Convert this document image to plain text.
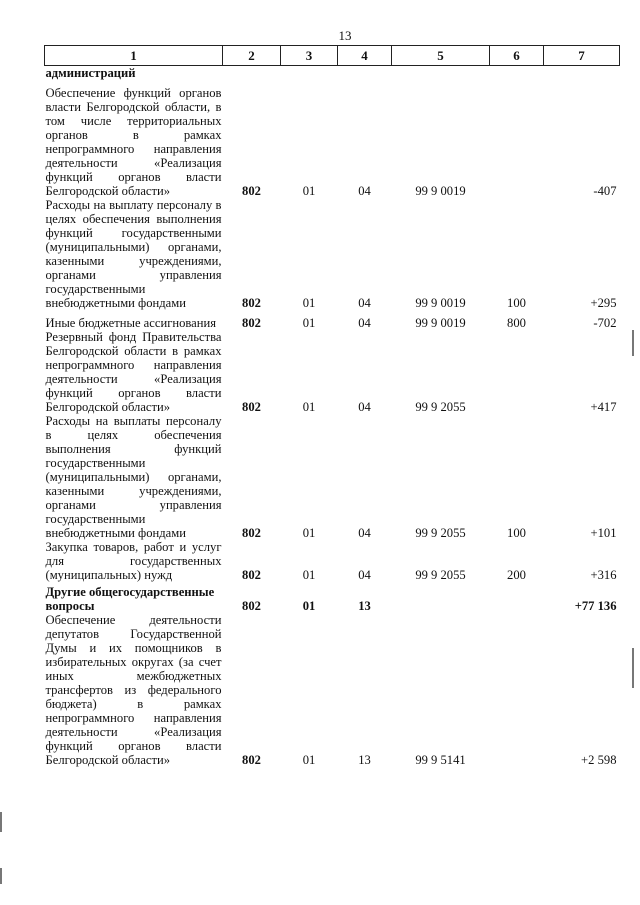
13
1	2	3	4	5	6	7
администраций						
Обеспечение функций органов власти Белгородской области, в том числе территориальных органов в рамках непрограммного направления деятельности «Реализация функций органов власти Белгородской области»	802	01	04	99 9 0019		-407
Расходы на выплату персоналу в целях обеспечения выполнения функций государственными (муниципальными) органами, казенными учреждениями, органами управления государственными внебюджетными фондами	802	01	04	99 9 0019	100	+295
Иные бюджетные ассигнования	802	01	04	99 9 0019	800	-702
Резервный фонд Правительства Белгородской области в рамках непрограммного направления деятельности «Реализация функций органов власти Белгородской области»	802	01	04	99 9 2055		+417
Расходы на выплаты персоналу в целях обеспечения выполнения функций государственными (муниципальными) органами, казенными учреждениями, органами управления государственными внебюджетными фондами	802	01	04	99 9 2055	100	+101
Закупка товаров, работ и услуг для государственных (муниципальных) нужд	802	01	04	99 9 2055	200	+316
Другие общегосударственные вопросы	802	01	13			+77 136
Обеспечение деятельности депутатов Государственной Думы и их помощников в избирательных округах (за счет иных межбюджетных трансфертов из федерального бюджета) в рамках непрограммного направления деятельности «Реализация функций органов власти Белгородской области»	802	01	13	99 9 5141		+2 598
